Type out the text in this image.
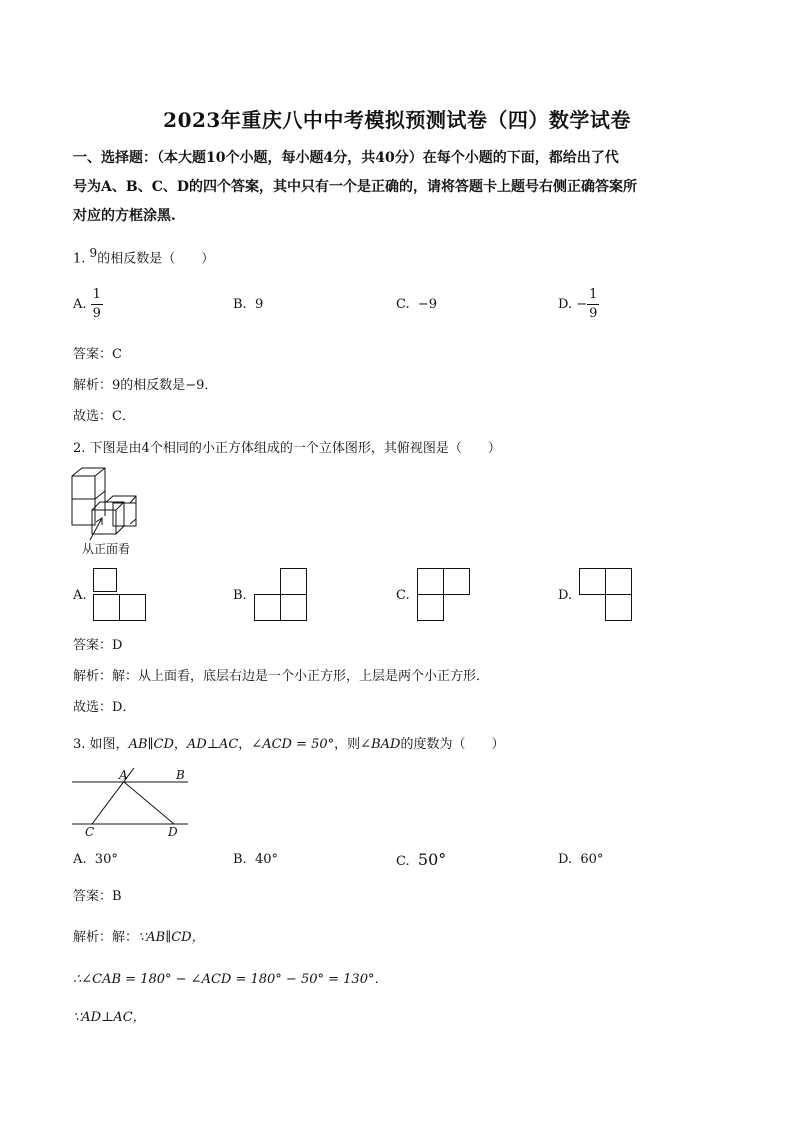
2023年重庆八中中考模拟预测试卷（四）数学试卷
一、选择题：（本大题10个小题，每小题4分，共40分）在每个小题的下面，都给出了代
号为A、B、C、D的四个答案，其中只有一个是正确的，请将答题卡上题号右侧正确答案所
对应的方框涂黑.
1. $^9$的相反数是（　　）
A. $\frac{1}{9}$	B. 9	C. −9	D. − $\frac{1}{9}$
答案：C
解析：9的相反数是−9．
故选：C．
2. 下图是由4个相同的小正方体组成的一个立体图形，其俯视图是（　　）
从正面看
A.	B.	C.	D.
答案：D
解析：解：从上面看，底层右边是一个小正方形，上层是两个小正方形．
故选：D．
3. 如图，AB∥CD，AD⊥AC，∠ACD = 50°，则∠BAD的度数为（　　）
A	B
C	D
A. 30°	B. 40°	C. 50°	D. 60°
答案：B
解析：解：∵AB∥CD，
∴∠CAB = 180° − ∠ACD = 180° − 50° = 130°．
∵AD⊥AC，
